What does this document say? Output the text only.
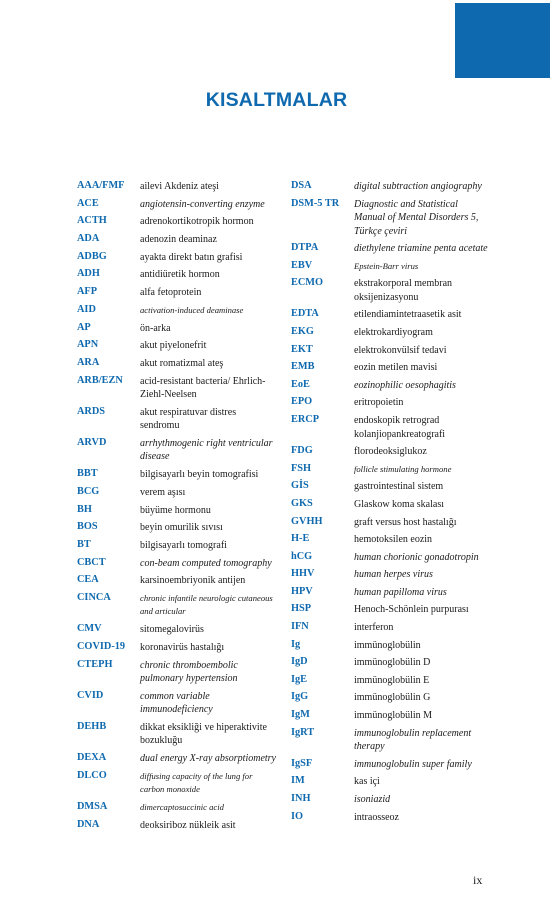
KISALTMALAR
AAA/FMF	ailevi Akdeniz ateşi
ACE	angiotensin-converting enzyme
ACTH	adrenokortikotropik hormon
ADA	adenozin deaminaz
ADBG	ayakta direkt batın grafisi
ADH	antidiüretik hormon
AFP	alfa fetoprotein
AID	activation-induced deaminase
AP	ön-arka
APN	akut piyelonefrit
ARA	akut romatizmal ateş
ARB/EZN	acid-resistant bacteria/ Ehrlich-Ziehl-Neelsen
ARDS	akut respiratuvar distres sendromu
ARVD	arrhythmogenic right ventricular disease
BBT	bilgisayarlı beyin tomografisi
BCG	verem aşısı
BH	büyüme hormonu
BOS	beyin omurilik sıvısı
BT	bilgisayarlı tomografi
CBCT	con-beam computed tomography
CEA	karsinoembriyonik antijen
CINCA	chronic infantile neurologic cutaneous and articular
CMV	sitomegalovirüs
COVID-19	koronavirüs hastalığı
CTEPH	chronic thromboembolic pulmonary hypertension
CVID	common variable immunodeficiency
DEHB	dikkat eksikliği ve hiperaktivite bozukluğu
DEXA	dual energy X-ray absorptiometry
DLCO	diffusing capacity of the lung for carbon monoxide
DMSA	dimercaptosuccinic acid
DNA	deoksiriboz nükleik asit
DSA	digital subtraction angiography
DSM-5 TR	Diagnostic and Statistical Manual of Mental Disorders 5, Türkçe çeviri
DTPA	diethylene triamine penta acetate
EBV	Epstein-Barr virus
ECMO	ekstrakorporal membran oksijenizasyonu
EDTA	etilendiamintetraasetik asit
EKG	elektrokardiyogram
EKT	elektrokonvülsif tedavi
EMB	eozin metilen mavisi
EoE	eozinophilic oesophagitis
EPO	eritropoietin
ERCP	endoskopik retrograd kolanjiopankreatografi
FDG	florodeoksiglukoz
FSH	follicle stimulating hormone
GİS	gastrointestinal sistem
GKS	Glaskow koma skalası
GVHH	graft versus host hastalığı
H-E	hemotoksilen eozin
hCG	human chorionic gonadotropin
HHV	human herpes virus
HPV	human papilloma virus
HSP	Henoch-Schönlein purpurası
IFN	interferon
Ig	immünoglobülin
IgD	immünoglobülin D
IgE	immünoglobülin E
IgG	immünoglobülin G
IgM	immünoglobülin M
IgRT	immunoglobulin replacement therapy
IgSF	immunoglobulin super family
IM	kas içi
INH	isoniazid
IO	intraosseoz
ix
